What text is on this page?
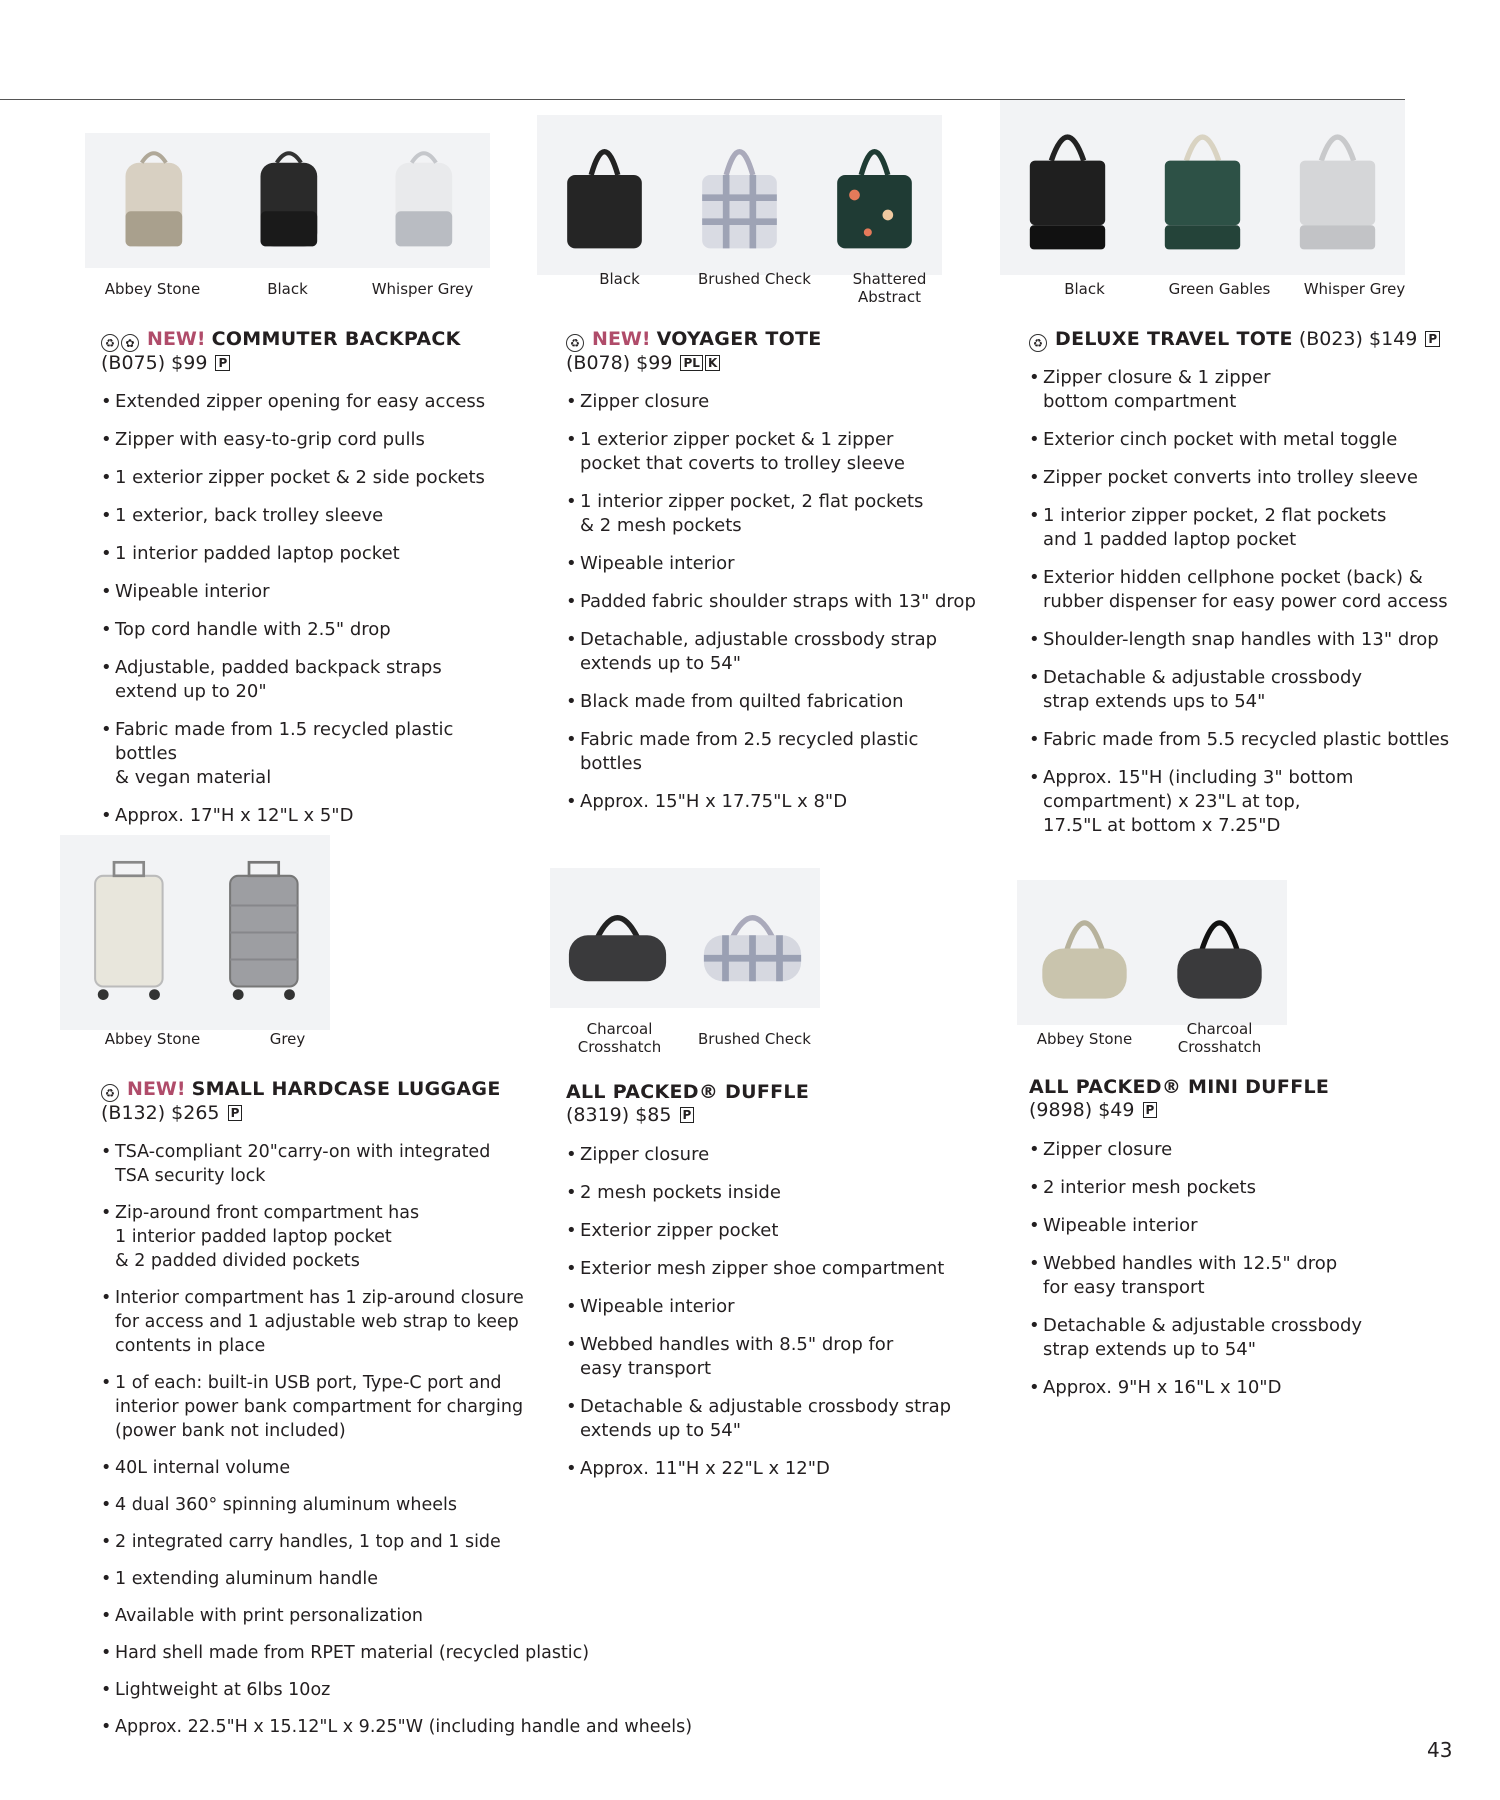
Abbey Stone	Black	Whisper Grey
♻ ✿ NEW! COMMUTER BACKPACK
(B075) $99 P
• Extended zipper opening for easy access
• Zipper with easy-to-grip cord pulls
• 1 exterior zipper pocket & 2 side pockets
• 1 exterior, back trolley sleeve
• 1 interior padded laptop pocket
• Wipeable interior
• Top cord handle with 2.5" drop
• Adjustable, padded backpack straps
extend up to 20"
• Fabric made from 1.5 recycled plastic bottles
& vegan material
• Approx. 17"H x 12"L x 5"D
Black	Brushed Check	Shattered
Abstract
♻ NEW! VOYAGER TOTE
(B078) $99 PL K
• Zipper closure
• 1 exterior zipper pocket & 1 zipper
pocket that coverts to trolley sleeve
• 1 interior zipper pocket, 2 flat pockets
& 2 mesh pockets
• Wipeable interior
• Padded fabric shoulder straps with 13" drop
• Detachable, adjustable crossbody strap
extends up to 54"
• Black made from quilted fabrication
• Fabric made from 2.5 recycled plastic bottles
• Approx. 15"H x 17.75"L x 8"D
Black	Green Gables	Whisper Grey
♻ DELUXE TRAVEL TOTE (B023) $149 P
• Zipper closure & 1 zipper
bottom compartment
• Exterior cinch pocket with metal toggle
• Zipper pocket converts into trolley sleeve
• 1 interior zipper pocket, 2 flat pockets
and 1 padded laptop pocket
• Exterior hidden cellphone pocket (back) &
rubber dispenser for easy power cord access
• Shoulder-length snap handles with 13" drop
• Detachable & adjustable crossbody
strap extends ups to 54"
• Fabric made from 5.5 recycled plastic bottles
• Approx. 15"H (including 3" bottom
compartment) x 23"L at top,
17.5"L at bottom x 7.25"D
Abbey Stone	Grey
♻ NEW! SMALL HARDCASE LUGGAGE
(B132) $265 P
• TSA-compliant 20"carry-on with integrated
TSA security lock
• Zip-around front compartment has
1 interior padded laptop pocket
& 2 padded divided pockets
• Interior compartment has 1 zip-around closure
for access and 1 adjustable web strap to keep
contents in place
• 1 of each: built-in USB port, Type-C port and
interior power bank compartment for charging
(power bank not included)
• 40L internal volume
• 4 dual 360° spinning aluminum wheels
• 2 integrated carry handles, 1 top and 1 side
• 1 extending aluminum handle
• Available with print personalization
• Hard shell made from RPET material (recycled plastic)
• Lightweight at 6lbs 10oz
• Approx. 22.5"H x 15.12"L x 9.25"W (including handle and wheels)
Charcoal
Crosshatch	Brushed Check
ALL PACKED® DUFFLE
(8319) $85 P
• Zipper closure
• 2 mesh pockets inside
• Exterior zipper pocket
• Exterior mesh zipper shoe compartment
• Wipeable interior
• Webbed handles with 8.5" drop for
easy transport
• Detachable & adjustable crossbody strap
extends up to 54"
• Approx. 11"H x 22"L x 12"D
Abbey Stone
Charcoal
Crosshatch
ALL PACKED® MINI DUFFLE
(9898) $49 P
• Zipper closure
• 2 interior mesh pockets
• Wipeable interior
• Webbed handles with 12.5" drop
for easy transport
• Detachable & adjustable crossbody
strap extends up to 54"
• Approx. 9"H x 16"L x 10"D
43
